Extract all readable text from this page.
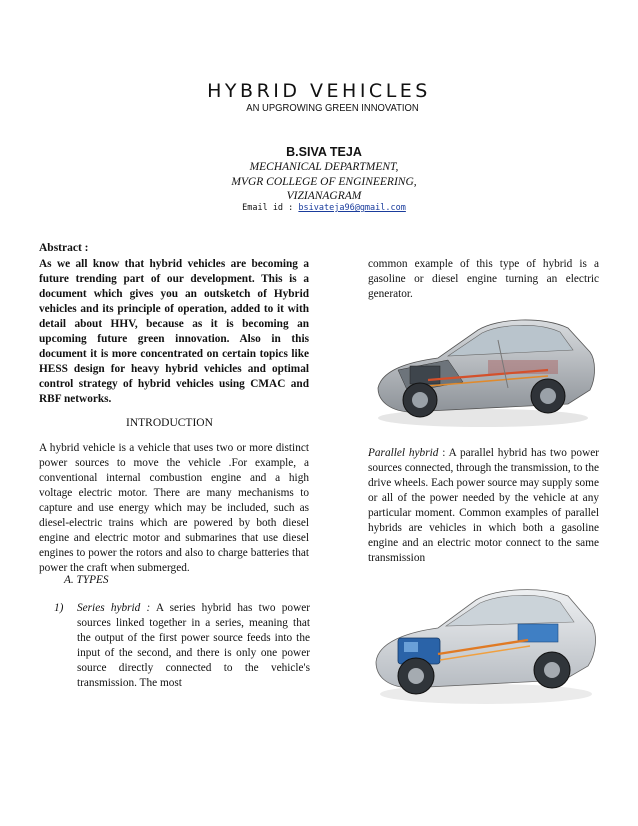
HYBRID VEHICLES
AN UPGROWING GREEN INNOVATION
B.SIVA TEJA
MECHANICAL DEPARTMENT,
MVGR COLLEGE OF ENGINEERING,
VIZIANAGRAM
Email id : bsivateja96@gmail.com
Abstract :
As we all know that hybrid vehicles are becoming a future trending part of our development. This is a document which gives you an outsketch of Hybrid vehicles and its principle of operation, added to it with detail about HHV, because as it is becoming an upcoming future green innovation. Also in this document it is more concentrated on certain topics like HESS design for heavy hybrid vehicles and optimal control strategy of hybrid vehicles using CMAC and RBF networks.
INTRODUCTION
A hybrid vehicle is a vehicle that uses two or more distinct power sources to move the vehicle .For example, a conventional internal combustion engine and a high voltage electric motor. There are many mechanisms to capture and use energy which may be included, such as diesel-electric trains which are powered by both diesel engine and electric motor and submarines that use diesel engines to power the rotors and also to charge batteries that power the craft when submerged.
A. TYPES
1) Series hybrid : A series hybrid has two power sources linked together in a series, meaning that the output of the first power source feeds into the input of the second, and there is only one power source directly connected to the vehicle's transmission. The most
common example of this type of hybrid is a gasoline or diesel engine turning an electric generator.
Parallel hybrid : A parallel hybrid has two power sources connected, through the transmission, to the drive wheels. Each power source may supply some or all of the power needed by the vehicle at any particular moment. Common examples of parallel hybrids are vehicles in which both a gasoline engine and an electric motor connect to the same transmission
